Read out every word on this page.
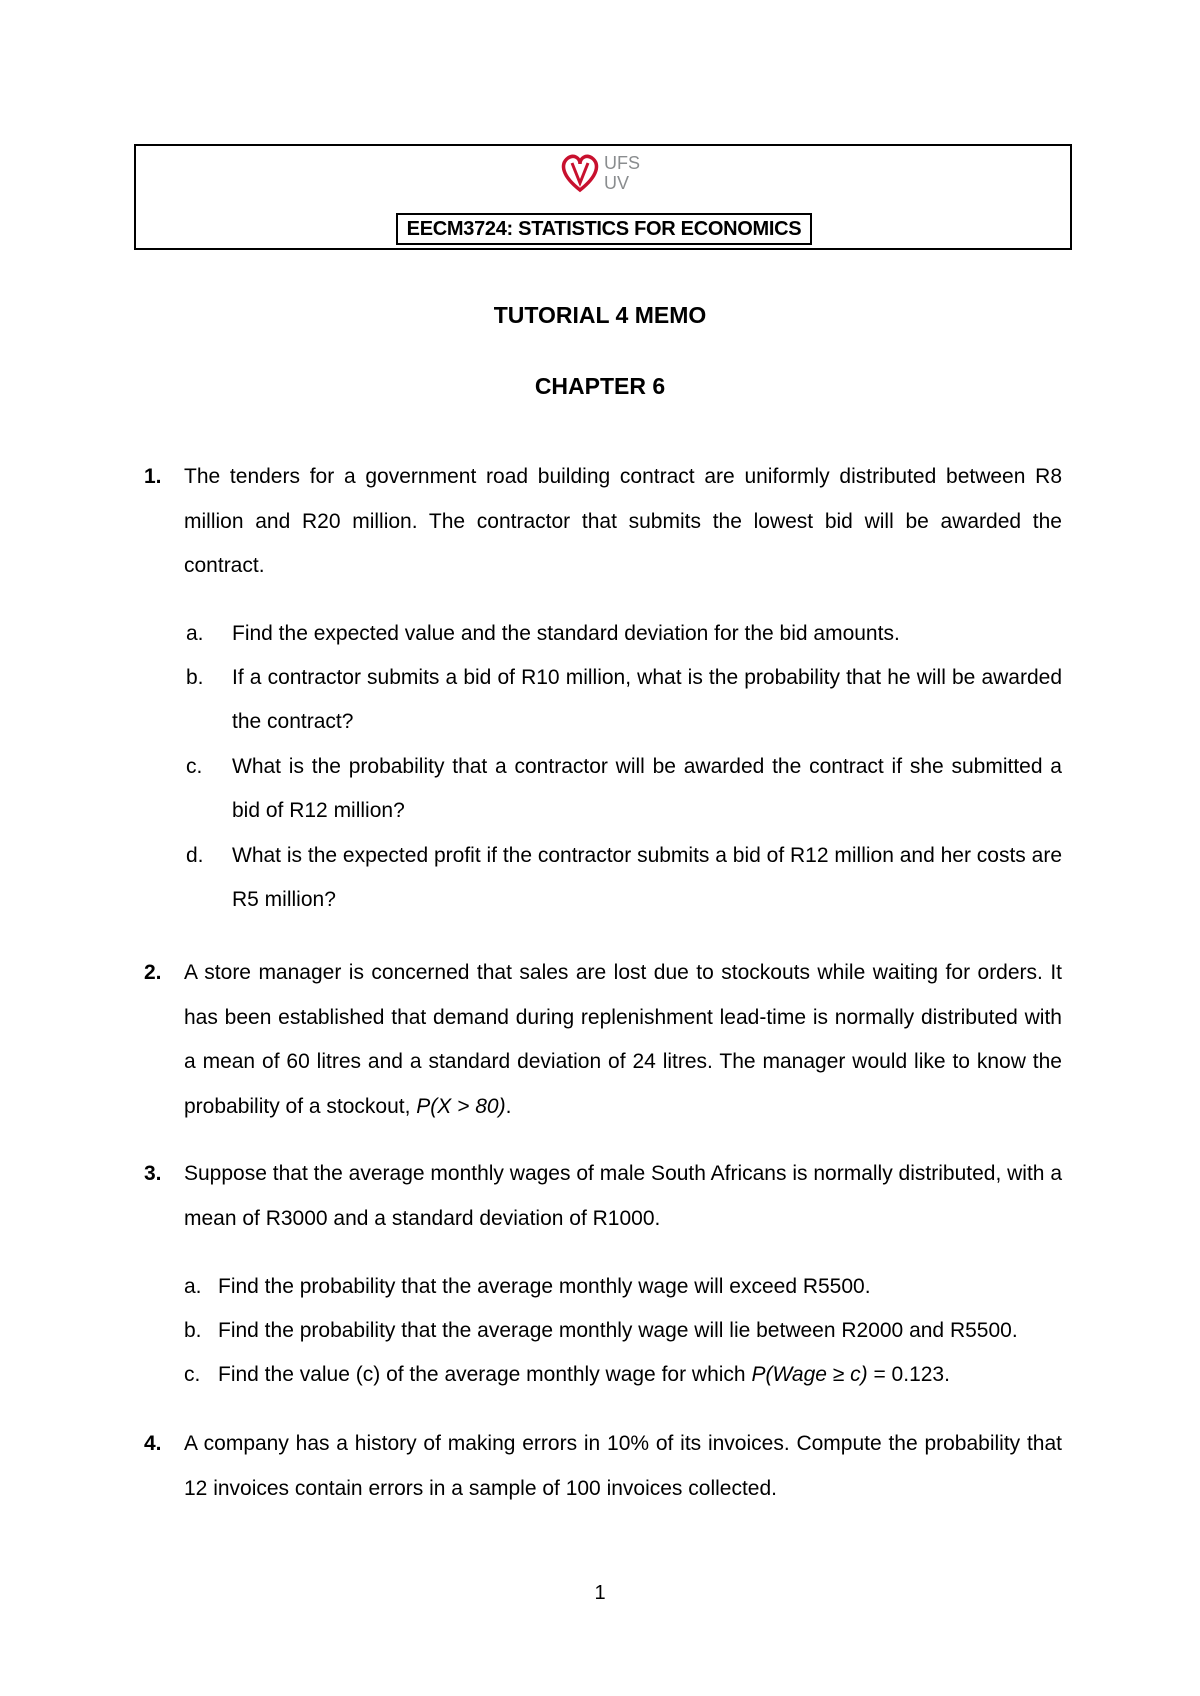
UFS
UV
EECM3724: STATISTICS FOR ECONOMICS
TUTORIAL 4 MEMO
CHAPTER 6
1. The tenders for a government road building contract are uniformly distributed between R8 million and R20 million. The contractor that submits the lowest bid will be awarded the contract.
a. Find the expected value and the standard deviation for the bid amounts.
b. If a contractor submits a bid of R10 million, what is the probability that he will be awarded the contract?
c. What is the probability that a contractor will be awarded the contract if she submitted a bid of R12 million?
d. What is the expected profit if the contractor submits a bid of R12 million and her costs are R5 million?
2. A store manager is concerned that sales are lost due to stockouts while waiting for orders. It has been established that demand during replenishment lead-time is normally distributed with a mean of 60 litres and a standard deviation of 24 litres. The manager would like to know the probability of a stockout, P(X > 80).
3. Suppose that the average monthly wages of male South Africans is normally distributed, with a mean of R3000 and a standard deviation of R1000.
a. Find the probability that the average monthly wage will exceed R5500.
b. Find the probability that the average monthly wage will lie between R2000 and R5500.
c. Find the value (c) of the average monthly wage for which P(Wage ≥ c) = 0.123.
4. A company has a history of making errors in 10% of its invoices. Compute the probability that 12 invoices contain errors in a sample of 100 invoices collected.
1
